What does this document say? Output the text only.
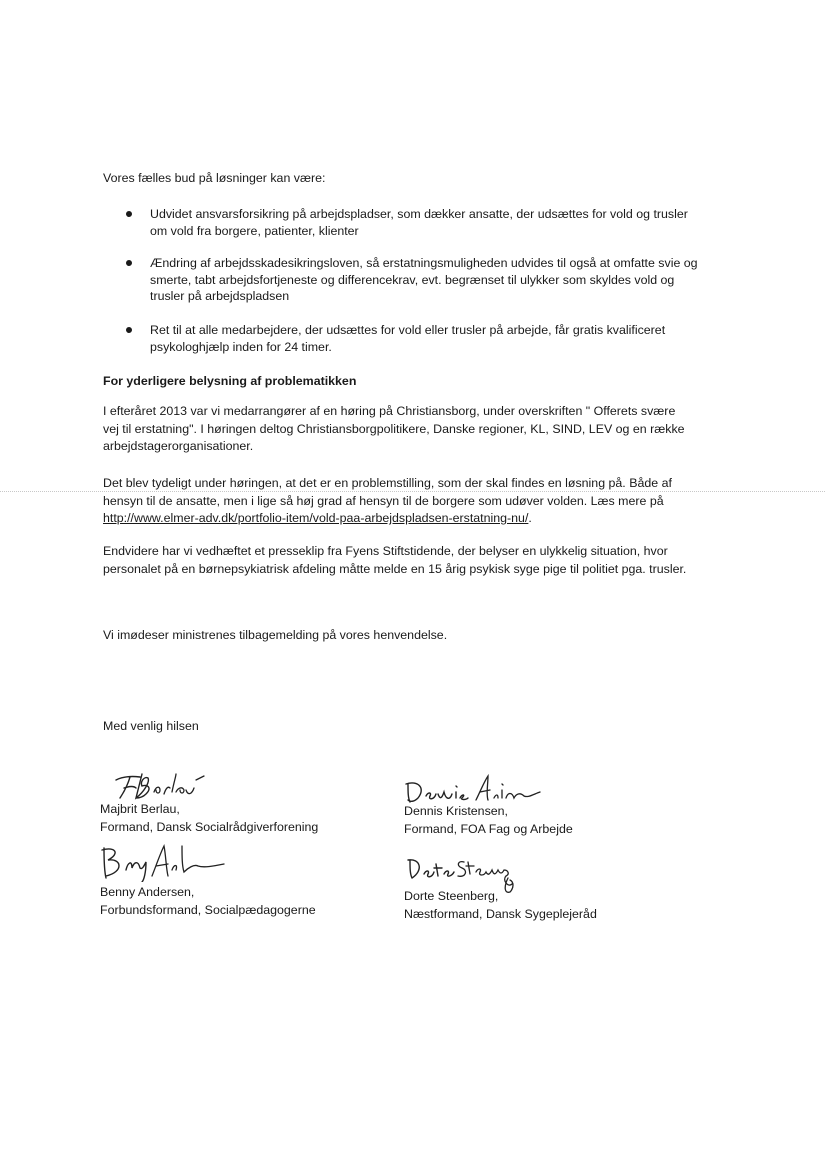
Vores fælles bud på løsninger kan være:
Udvidet ansvarsforsikring på arbejdspladser, som dækker ansatte, der udsættes for vold og trusler
om vold fra borgere, patienter, klienter
Ændring af arbejdsskadesikringsloven, så erstatningsmuligheden udvides til også at omfatte svie og
smerte, tabt arbejdsfortjeneste og differencekrav, evt. begrænset til ulykker som skyldes vold og
trusler på arbejdspladsen
Ret til at alle medarbejdere, der udsættes for vold eller trusler på arbejde, får gratis kvalificeret
psykologhjælp inden for 24 timer.
For yderligere belysning af problematikken
I efteråret 2013 var vi medarrangører af en høring på Christiansborg, under overskriften " Offerets svære
vej til erstatning". I høringen deltog Christiansborgpolitikere, Danske regioner, KL, SIND, LEV og en række
arbejdstagerorganisationer.
Det blev tydeligt under høringen, at det er en problemstilling, som der skal findes en løsning på. Både af
hensyn til de ansatte, men i lige så høj grad af hensyn til de borgere som udøver volden. Læs mere på
http://www.elmer-adv.dk/portfolio-item/vold-paa-arbejdspladsen-erstatning-nu/.
Endvidere har vi vedhæftet et presseklip fra Fyens Stiftstidende, der belyser en ulykkelig situation, hvor
personalet på en børnepsykiatrisk afdeling måtte melde en 15 årig psykisk syge pige til politiet pga. trusler.
Vi imødeser ministrenes tilbagemelding på vores henvendelse.
Med venlig hilsen
Majbrit Berlau,
Formand, Dansk Socialrådgiverforening
Dennis Kristensen,
Formand, FOA Fag og Arbejde
Benny Andersen,
Forbundsformand, Socialpædagogerne
Dorte Steenberg,
Næstformand, Dansk Sygeplejeråd
